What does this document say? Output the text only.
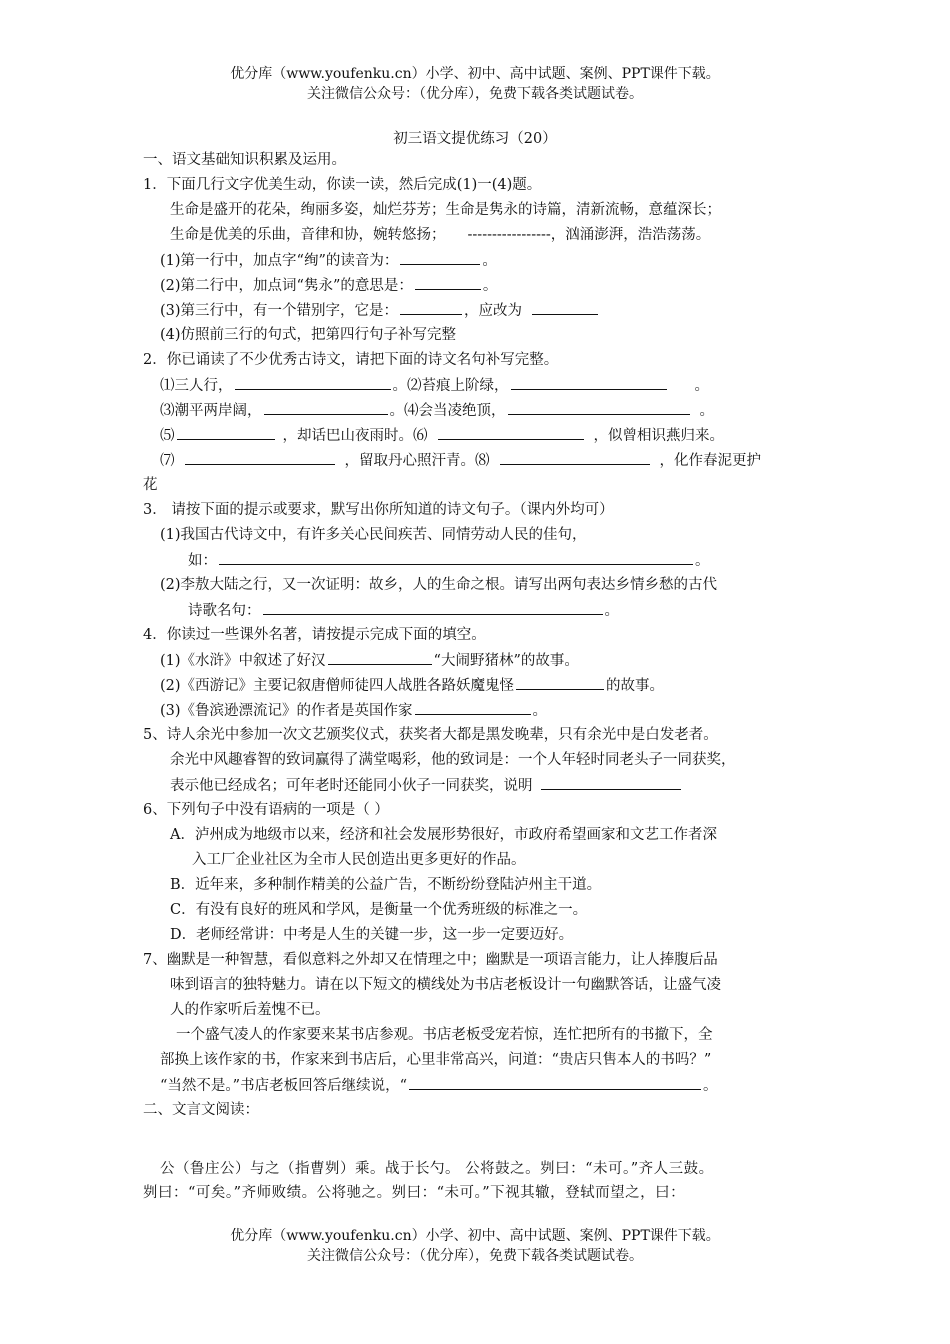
优分库（www.youfenku.cn）小学、初中、高中试题、案例、PPT课件下载。
关注微信公众号：（优分库），免费下载各类试题试卷。
初三语文提优练习（20）
一、语文基础知识积累及运用。
1．下面几行文字优美生动，你读一读，然后完成(1)一(4)题。
生命是盛开的花朵，绚丽多姿，灿烂芬芳；生命是隽永的诗篇，清新流畅，意蕴深长；
生命是优美的乐曲，音律和协，婉转悠扬； -----------------，汹涌澎湃，浩浩荡荡。
(1)第一行中，加点字“绚”的读音为：	。
(2)第二行中，加点词“隽永”的意思是：	。
(3)第三行中，有一个错别字，它是：	，应改为
(4)仿照前三行的句式，把第四行句子补写完整
2．你已诵读了不少优秀古诗文，请把下面的诗文名句补写完整。
⑴三人行，	。⑵苔痕上阶绿，	。
⑶潮平两岸阔，	。⑷会当凌绝顶，	。
⑸	，却话巴山夜雨时。⑹	，似曾相识燕归来。
⑺	，留取丹心照汗青。⑻	，化作春泥更护
花
3． 请按下面的提示或要求，默写出你所知道的诗文句子。（课内外均可）
(1)我国古代诗文中，有许多关心民间疾苦、同情劳动人民的佳句，
如：	。
(2)李敖大陆之行，又一次证明：故乡，人的生命之根。请写出两句表达乡情乡愁的古代
诗歌名句：	。
4．你读过一些课外名著，请按提示完成下面的填空。
(1)《水浒》中叙述了好汉	“大闹野猪林”的故事。
(2)《西游记》主要记叙唐僧师徒四人战胜各路妖魔鬼怪	的故事。
(3)《鲁滨逊漂流记》的作者是英国作家	。
5、诗人余光中参加一次文艺颁奖仪式，获奖者大都是黑发晚辈，只有余光中是白发老者。
余光中风趣睿智的致词赢得了满堂喝彩，他的致词是：一个人年轻时同老头子一同获奖，
表示他已经成名；可年老时还能同小伙子一同获奖，说明
6、下列句子中没有语病的一项是（ ）
A．泸州成为地级市以来，经济和社会发展形势很好，市政府希望画家和文艺工作者深
入工厂企业社区为全市人民创造出更多更好的作品。
B．近年来，多种制作精美的公益广告，不断纷纷登陆泸州主干道。
C．有没有良好的班风和学风，是衡量一个优秀班级的标准之一。
D．老师经常讲：中考是人生的关键一步，这一步一定要迈好。
7、幽默是一种智慧，看似意料之外却又在情理之中；幽默是一项语言能力，让人捧腹后品
味到语言的独特魅力。请在以下短文的横线处为书店老板设计一句幽默答话，让盛气凌
人的作家听后羞愧不已。
一个盛气凌人的作家要来某书店参观。书店老板受宠若惊，连忙把所有的书撤下，全
部换上该作家的书，作家来到书店后，心里非常高兴，问道：“贵店只售本人的书吗？”
“当然不是。”书店老板回答后继续说，“	。
二、文言文阅读：
公（鲁庄公）与之（指曹刿）乘。战于长勺。 公将鼓之。刿曰：“未可。”齐人三鼓。
刿曰：“可矣。”齐师败绩。公将驰之。刿曰：“未可。”下视其辙，登轼而望之，曰：
优分库（www.youfenku.cn）小学、初中、高中试题、案例、PPT课件下载。
关注微信公众号：（优分库），免费下载各类试题试卷。
